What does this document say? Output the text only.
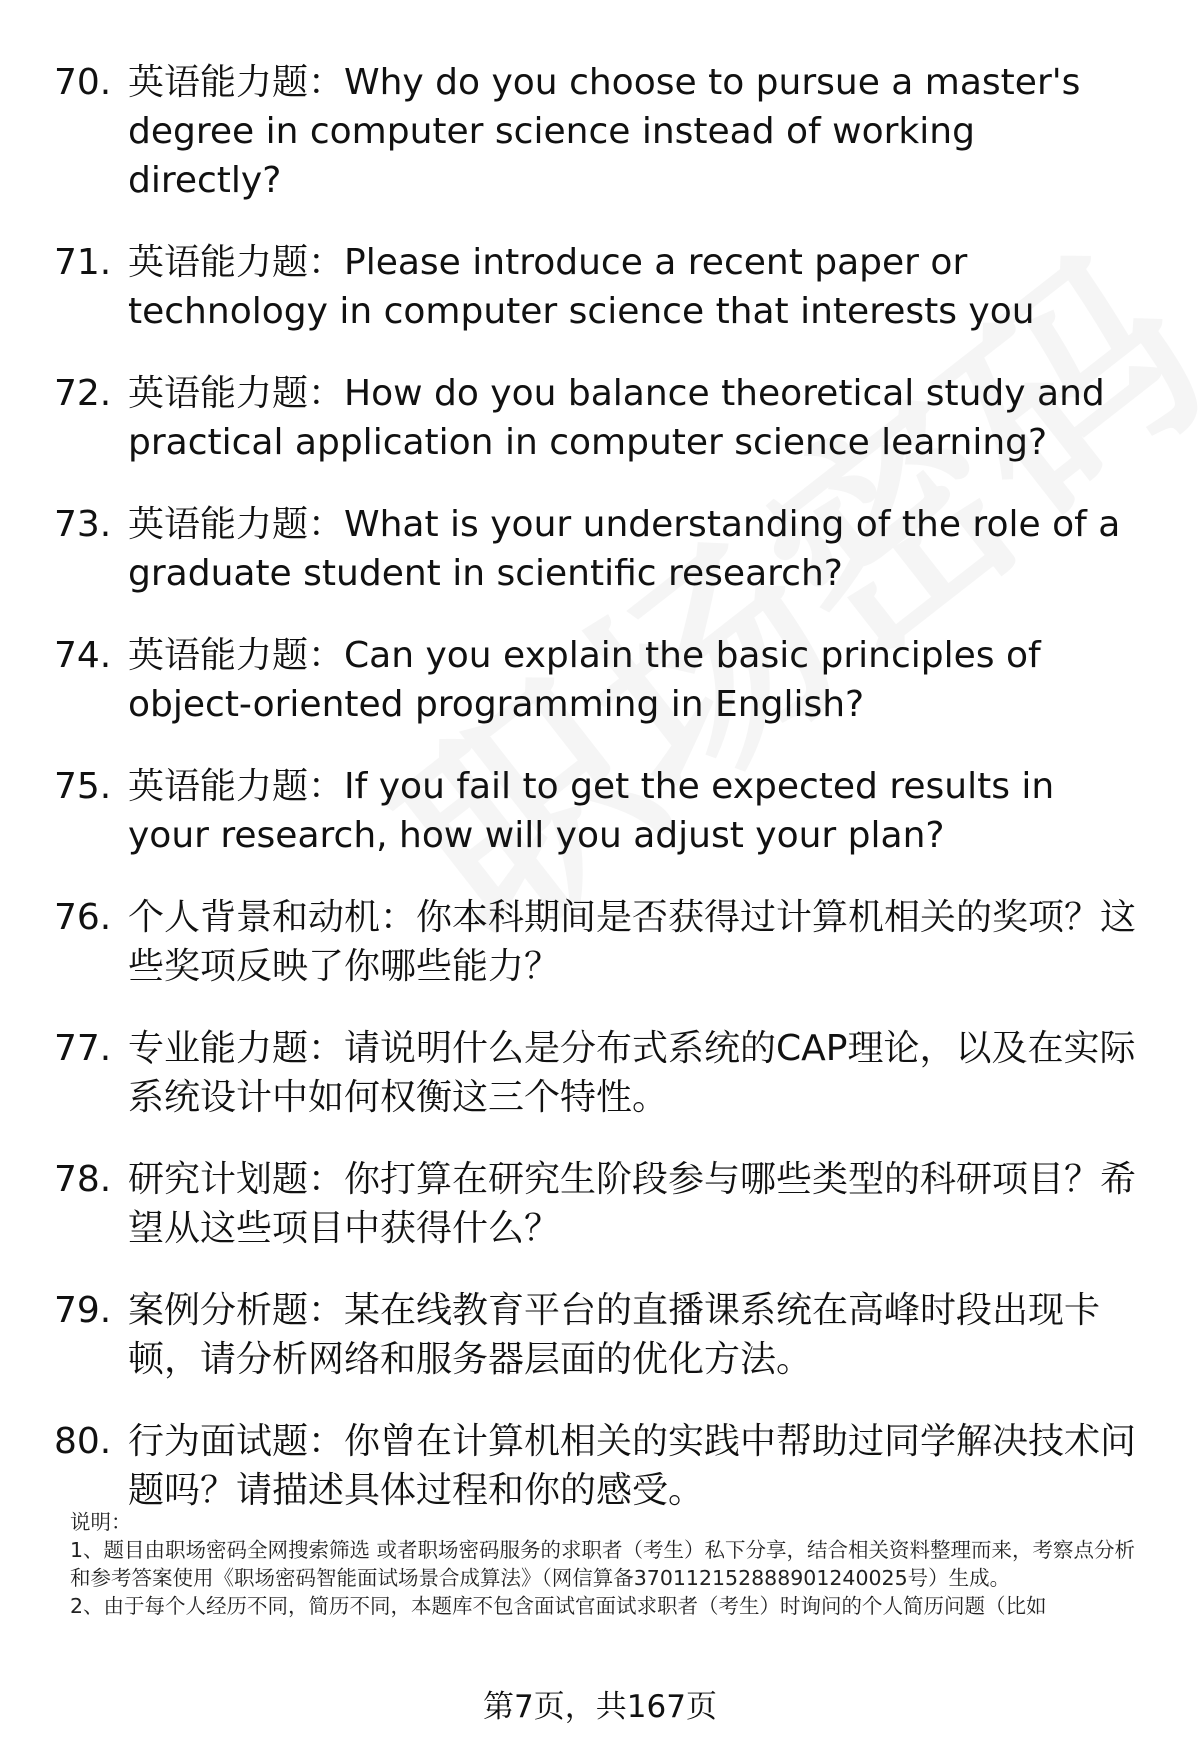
70. 英语能力题：Why do you choose to pursue a master's degree in computer science instead of working directly?
71. 英语能力题：Please introduce a recent paper or technology in computer science that interests you
72. 英语能力题：How do you balance theoretical study and practical application in computer science learning?
73. 英语能力题：What is your understanding of the role of a graduate student in scientific research?
74. 英语能力题：Can you explain the basic principles of object-oriented programming in English?
75. 英语能力题：If you fail to get the expected results in your research, how will you adjust your plan?
76. 个人背景和动机：你本科期间是否获得过计算机相关的奖项？这些奖项反映了你哪些能力？
77. 专业能力题：请说明什么是分布式系统的CAP理论，以及在实际系统设计中如何权衡这三个特性。
78. 研究计划题：你打算在研究生阶段参与哪些类型的科研项目？希望从这些项目中获得什么？
79. 案例分析题：某在线教育平台的直播课系统在高峰时段出现卡顿，请分析网络和服务器层面的优化方法。
80. 行为面试题：你曾在计算机相关的实践中帮助过同学解决技术问题吗？请描述具体过程和你的感受。

说明：

1、题目由职场密码全网搜索筛选 或者职场密码服务的求职者（考生）私下分享，结合相关资料整理而来，考察点分析和参考答案使用《职场密码智能面试场景合成算法》（网信算备370112152888901240025号）生成。

2、由于每个人经历不同，简历不同，本题库不包含面试官面试求职者（考生）时询问的个人简历问题（比如

第7页，共167页
